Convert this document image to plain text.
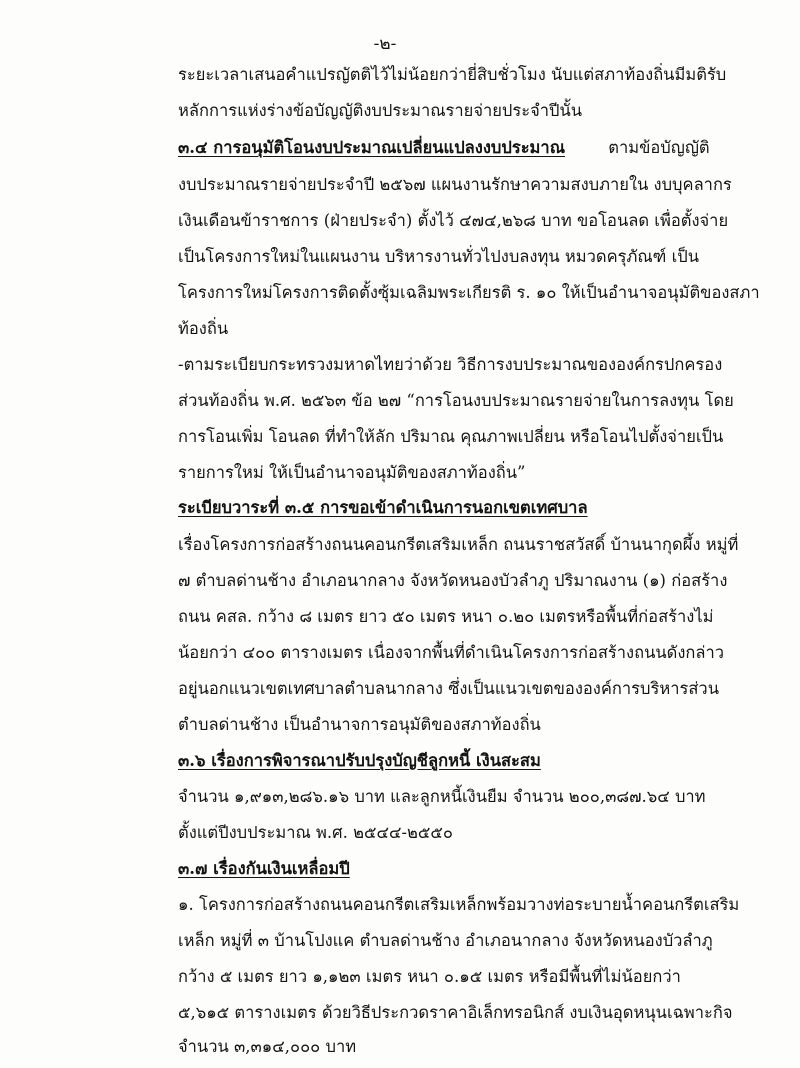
-๒-
ระยะเวลาเสนอคำแปรญัตติไว้ไม่น้อยกว่ายี่สิบชั่วโมง นับแต่สภาท้องถิ่นมีมติรับ
หลักการแห่งร่างข้อบัญญัติงบประมาณรายจ่ายประจำปีนั้น
๓.๔ การอนุมัติโอนงบประมาณเปลี่ยนแปลงงบประมาณ ตามข้อบัญญัติ
งบประมาณรายจ่ายประจำปี ๒๕๖๗ แผนงานรักษาความสงบภายใน งบบุคลากร
เงินเดือนข้าราชการ (ฝ่ายประจำ) ตั้งไว้ ๔๗๔,๒๖๘ บาท ขอโอนลด เพื่อตั้งจ่าย
เป็นโครงการใหม่ในแผนงาน บริหารงานทั่วไปงบลงทุน หมวดครุภัณฑ์ เป็น
โครงการใหม่โครงการติดตั้งซุ้มเฉลิมพระเกียรติ ร. ๑๐ ให้เป็นอำนาจอนุมัติของสภา
ท้องถิ่น
-ตามระเบียบกระทรวงมหาดไทยว่าด้วย วิธีการงบประมาณขององค์กรปกครอง
ส่วนท้องถิ่น พ.ศ. ๒๕๖๓ ข้อ ๒๗ “การโอนงบประมาณรายจ่ายในการลงทุน โดย
การโอนเพิ่ม โอนลด ที่ทำให้ลัก ปริมาณ คุณภาพเปลี่ยน หรือโอนไปตั้งจ่ายเป็น
รายการใหม่ ให้เป็นอำนาจอนุมัติของสภาท้องถิ่น”
ระเบียบวาระที่ ๓.๕ การขอเข้าดำเนินการนอกเขตเทศบาล
เรื่องโครงการก่อสร้างถนนคอนกรีตเสริมเหล็ก ถนนราชสวัสดิ์ บ้านนากุดผึ้ง หมู่ที่
๗ ตำบลด่านช้าง อำเภอนากลาง จังหวัดหนองบัวลำภู ปริมาณงาน (๑) ก่อสร้าง
ถนน คสล. กว้าง ๘ เมตร ยาว ๕๐ เมตร หนา ๐.๒๐ เมตรหรือพื้นที่ก่อสร้างไม่
น้อยกว่า ๔๐๐ ตารางเมตร เนื่องจากพื้นที่ดำเนินโครงการก่อสร้างถนนดังกล่าว
อยู่นอกแนวเขตเทศบาลตำบลนากลาง ซึ่งเป็นแนวเขตขององค์การบริหารส่วน
ตำบลด่านช้าง เป็นอำนาจการอนุมัติของสภาท้องถิ่น
๓.๖ เรื่องการพิจารณาปรับปรุงบัญชีลูกหนี้ เงินสะสม
จำนวน ๑,๙๑๓,๒๘๖.๑๖ บาท และลูกหนี้เงินยืม จำนวน ๒๐๐,๓๘๗.๖๔ บาท
ตั้งแต่ปีงบประมาณ พ.ศ. ๒๕๔๔-๒๕๕๐
๓.๗ เรื่องกันเงินเหลื่อมปี
๑. โครงการก่อสร้างถนนคอนกรีตเสริมเหล็กพร้อมวางท่อระบายน้ำคอนกรีตเสริม
เหล็ก หมู่ที่ ๓ บ้านโปงแค ตำบลด่านช้าง อำเภอนากลาง จังหวัดหนองบัวลำภู
กว้าง ๕ เมตร ยาว ๑,๑๒๓ เมตร หนา ๐.๑๕ เมตร หรือมีพื้นที่ไม่น้อยกว่า
๕,๖๑๕ ตารางเมตร ด้วยวิธีประกวดราคาอิเล็กทรอนิกส์ งบเงินอุดหนุนเฉพาะกิจ
จำนวน ๓,๓๑๔,๐๐๐ บาท
